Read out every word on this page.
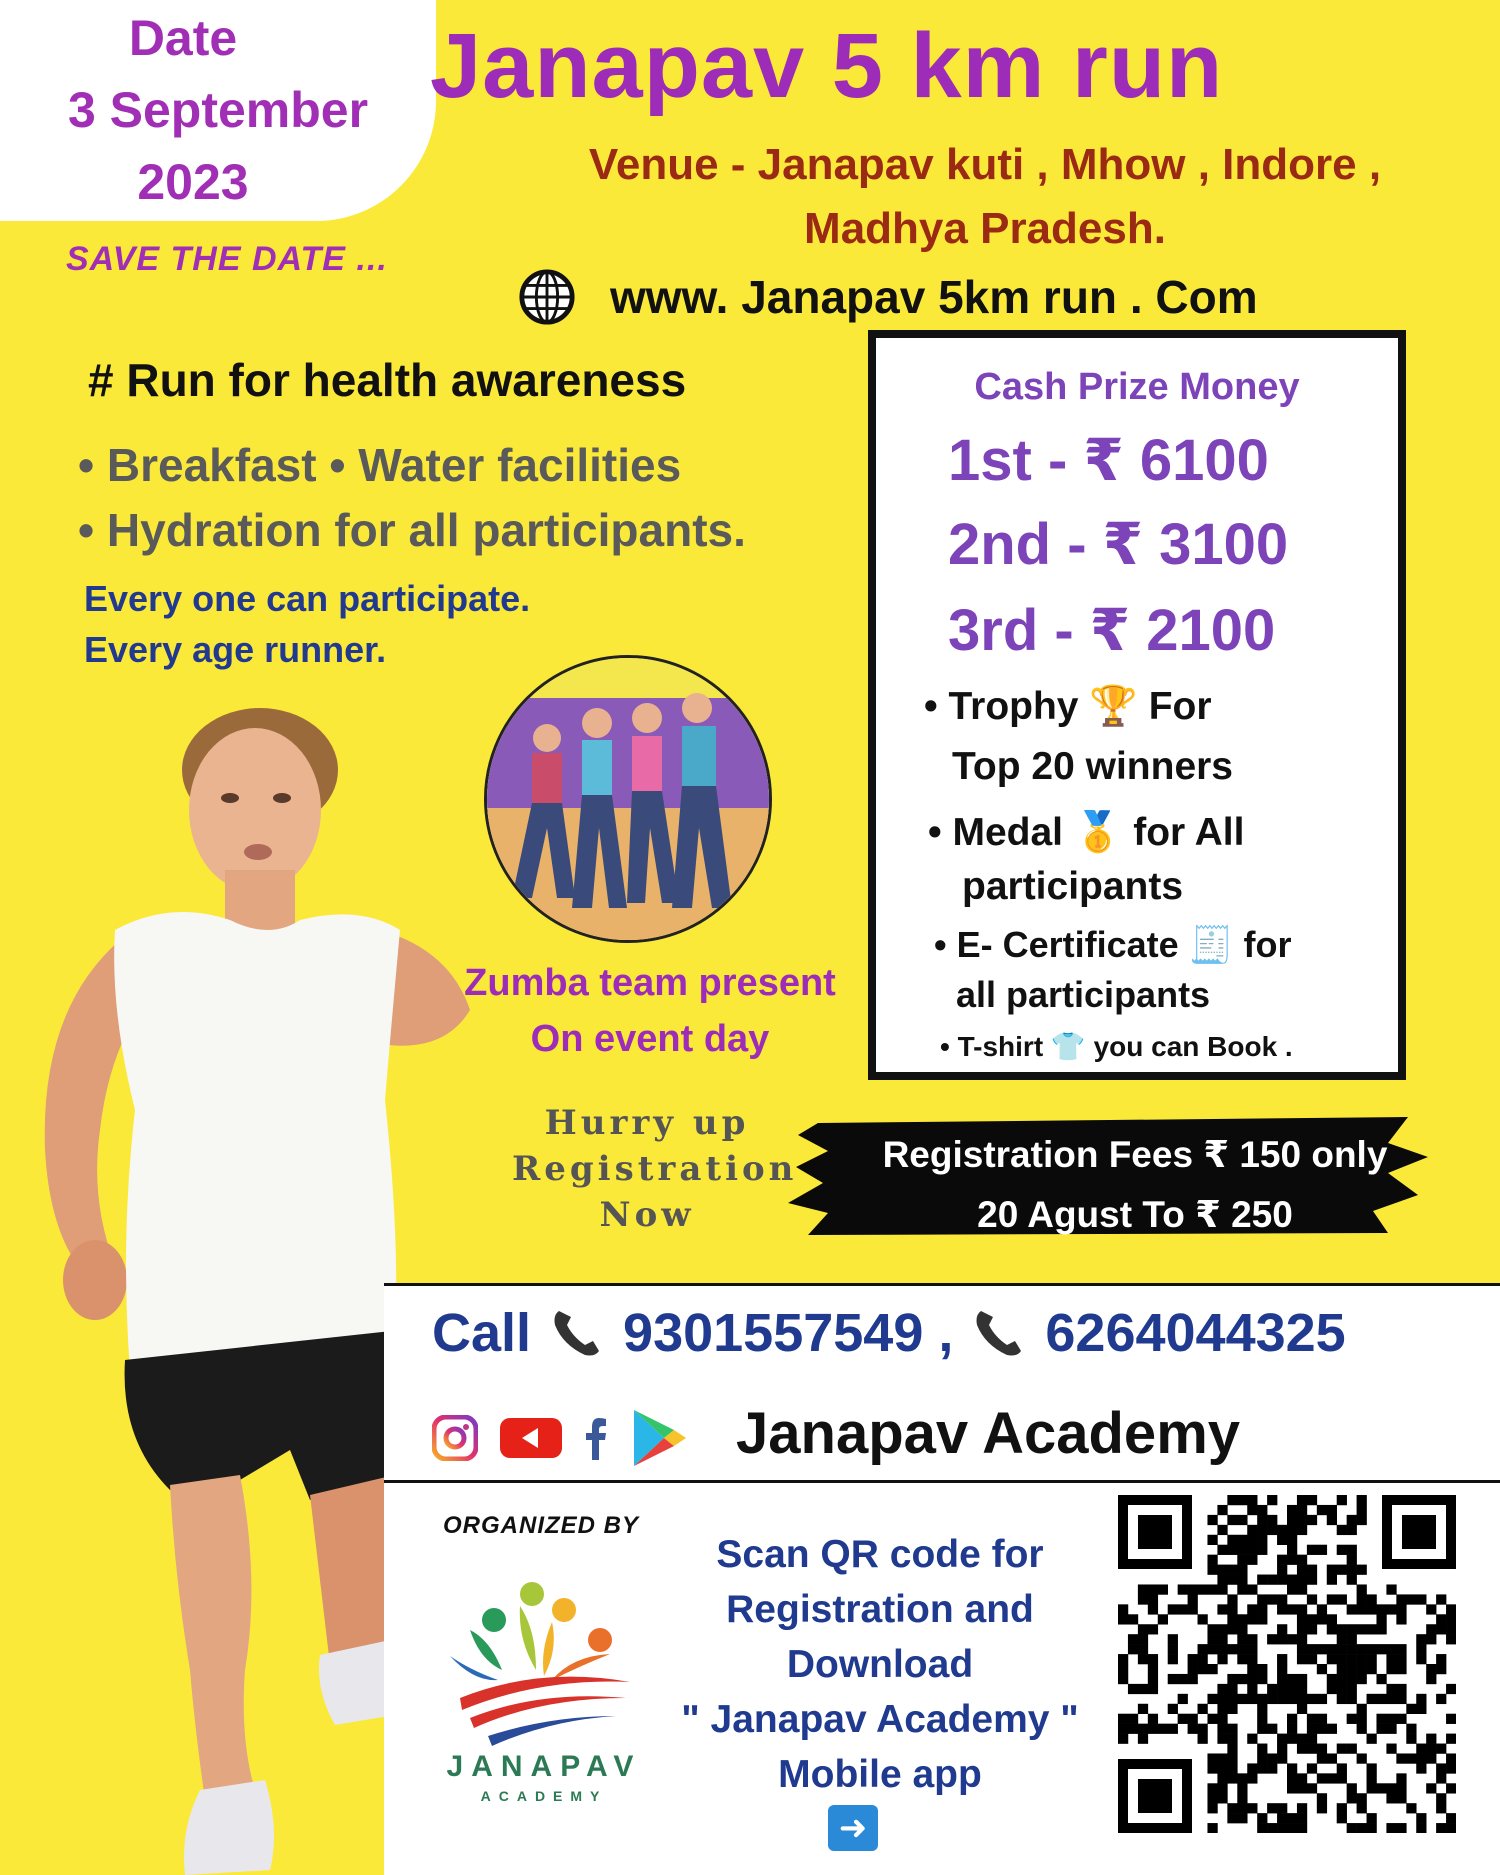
Date
3 September
2023
SAVE THE DATE ...
Janapav 5 km run
Venue - Janapav kuti , Mhow , Indore ,
Madhya Pradesh.
www. Janapav 5km run . Com
# Run for health awareness
• Breakfast • Water facilities
• Hydration for all participants.
Every one can participate.
Every age runner.
Zumba team present
On event day
Cash Prize Money
1st - ₹ 6100
2nd - ₹ 3100
3rd - ₹ 2100
• Trophy 🏆 For
Top 20 winners
• Medal 🥇 for All
participants
• E- Certificate 🧾 for
all participants
• T-shirt 👕 you can Book .
Hurry up
Registration
Now
Registration Fees ₹ 150 only
20 Agust To ₹ 250
Call 9301557549 , 6264044325
Janapav Academy
ORGANIZED BY
JANAPAV
ACADEMY
Scan QR code for
Registration and
Download
" Janapav Academy "
Mobile app
➜
